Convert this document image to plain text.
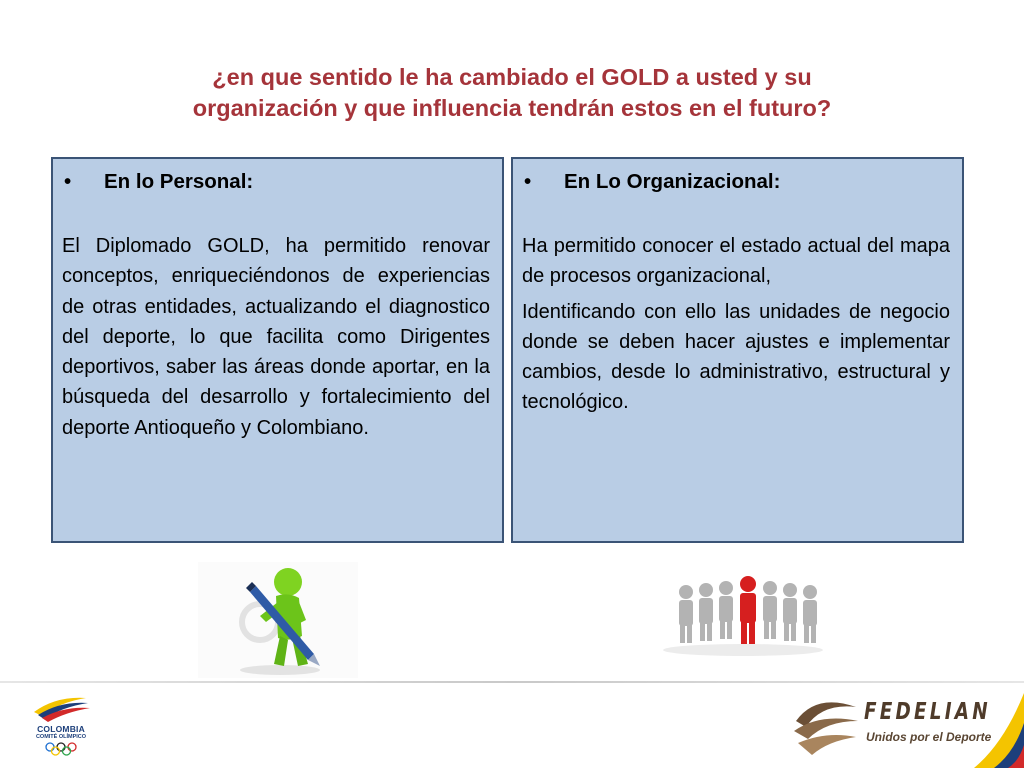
¿en que sentido le ha cambiado el GOLD a usted y su
organización y que influencia tendrán estos en el futuro?
•	En lo Personal:

El Diplomado GOLD, ha permitido renovar conceptos, enriqueciéndonos de experiencias de otras entidades, actualizando el diagnostico del deporte, lo que facilita como Dirigentes deportivos, saber las áreas donde aportar, en la búsqueda del desarrollo y fortalecimiento del deporte Antioqueño y Colombiano.

•	En Lo Organizacional:

Ha permitido conocer el estado actual del mapa de procesos organizacional,

Identificando con ello las unidades de negocio donde se deben hacer ajustes e implementar cambios, desde lo administrativo, estructural y tecnológico.

COLOMBIA
COMITÉ OLÍMPICO
FEDELIAN
Unidos por el Deporte
